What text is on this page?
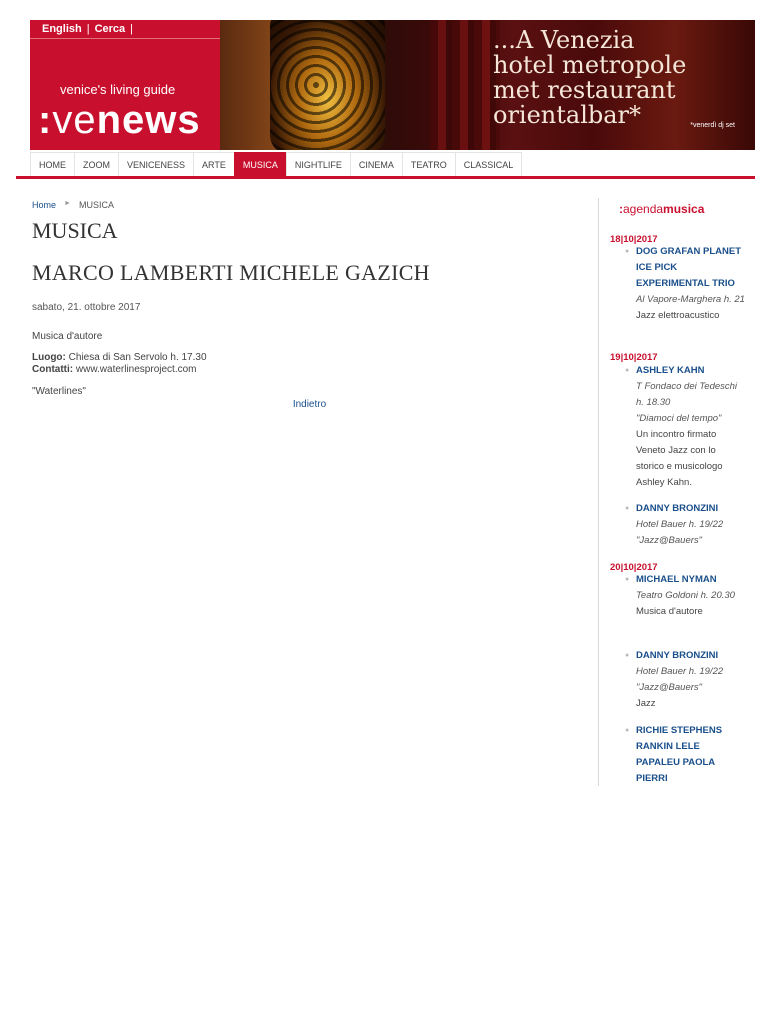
English | Cerca |
venice's living guide
:venews
...A Venezia
hotel metropole
met restaurant
orientalbar*	*venerdì dj set
HOME	ZOOM	VENICENESS	ARTE	MUSICA	NIGHTLIFE	CINEMA	TEATRO	CLASSICAL
Home ► MUSICA
MUSICA
MARCO LAMBERTI MICHELE GAZICH
sabato, 21. ottobre 2017
Musica d'autore
Luogo: Chiesa di San Servolo h. 17.30
Contatti: www.waterlinesproject.com
"Waterlines"
Indietro
:agendamusica
18|10|2017
● DOG GRAFAN PLANET ICE PICK EXPERIMENTAL TRIO
Al Vapore-Marghera h. 21
Jazz elettroacustico
19|10|2017
● ASHLEY KAHN
T Fondaco dei Tedeschi h. 18.30
"Diamoci del tempo"
Un incontro firmato Veneto Jazz con lo storico e musicologo Ashley Kahn.
● DANNY BRONZINI
Hotel Bauer h. 19/22
"Jazz@Bauers"
20|10|2017
● MICHAEL NYMAN
Teatro Goldoni h. 20.30
Musica d'autore
● DANNY BRONZINI
Hotel Bauer h. 19/22
"Jazz@Bauers"
Jazz
● RICHIE STEPHENS RANKIN LELE PAPALEU PAOLA PIERRI
